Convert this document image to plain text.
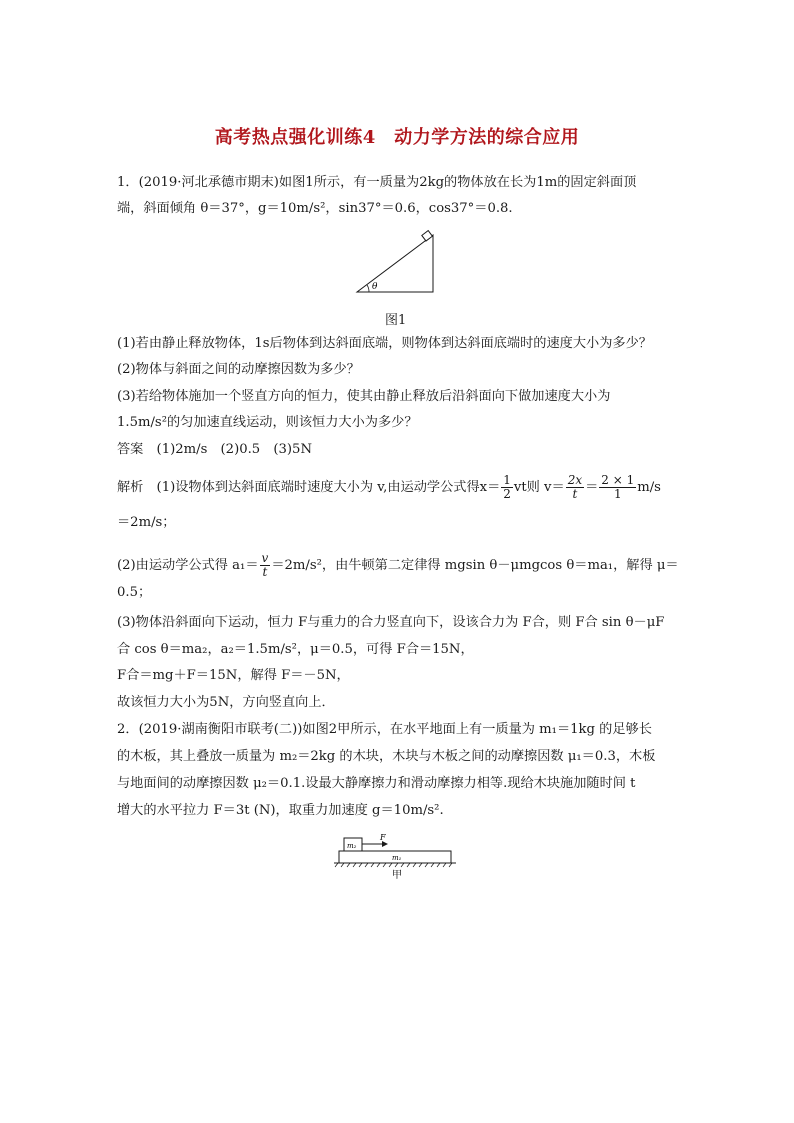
高考热点强化训练4　动力学方法的综合应用
1．(2019·河北承德市期末)如图1所示，有一质量为2kg的物体放在长为1m的固定斜面顶
端，斜面倾角 θ＝37°，g＝10m/s²，sin37°＝0.6，cos37°＝0.8.
θ
图1
(1)若由静止释放物体，1s后物体到达斜面底端，则物体到达斜面底端时的速度大小为多少？
(2)物体与斜面之间的动摩擦因数为多少？
(3)若给物体施加一个竖直方向的恒力，使其由静止释放后沿斜面向下做加速度大小为
1.5m/s²的匀加速直线运动，则该恒力大小为多少？
答案　(1)2m/s　(2)0.5　(3)5N
解析　(1)设物体到达斜面底端时速度大小为 v,由运动学公式得$x= \frac{1}{2}$ vt则 $v= \frac{2x}{t} = \frac{2 \times 1}{1} m/s$
＝2m/s；
(2)由运动学公式得 $a_1= \frac{v}{t} =2m/s^2$，由牛顿第二定律得 mgsin θ－μmgcos θ＝ma₁，解得 μ＝
0.5；
(3)物体沿斜面向下运动，恒力 F与重力的合力竖直向下，设该合力为 F合，则 F合 sin θ－μF
合 cos θ＝ma₂，a₂＝1.5m/s²，μ＝0.5，可得 F合＝15N，
F合＝mg＋F＝15N，解得 F＝－5N，
故该恒力大小为5N，方向竖直向上．
2．(2019·湖南衡阳市联考(二))如图2甲所示，在水平地面上有一质量为 m₁＝1kg 的足够长
的木板，其上叠放一质量为 m₂＝2kg 的木块，木块与木板之间的动摩擦因数 μ₁＝0.3，木板
与地面间的动摩擦因数 μ₂＝0.1.设最大静摩擦力和滑动摩擦力相等.现给木块施加随时间 t
增大的水平拉力 F＝3t (N)，取重力加速度 g＝10m/s².
m₂
m₁
F
甲
